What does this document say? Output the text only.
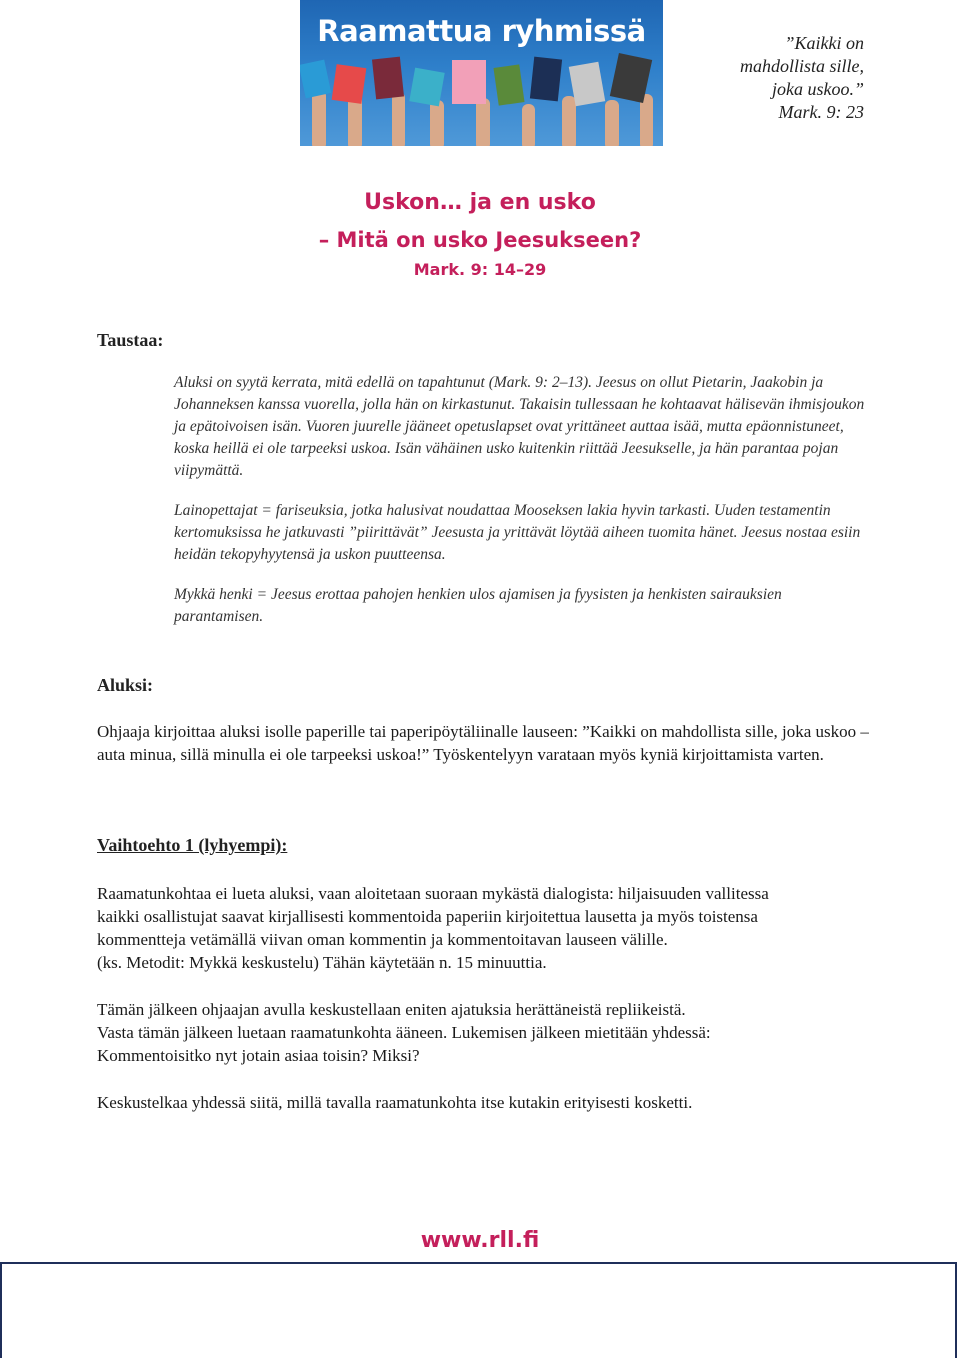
Raamattua ryhmissä	”Kaikki on
mahdollista sille,
joka uskoo.”
Mark. 9: 23
Uskon… ja en usko
– Mitä on usko Jeesukseen?
Mark. 9: 14–29
Taustaa:

Aluksi on syytä kerrata, mitä edellä on tapahtunut (Mark. 9: 2–13). Jeesus on ollut Pietarin, Jaakobin ja Johanneksen kanssa vuorella, jolla hän on kirkastunut. Takaisin tullessaan he kohtaavat hälisevän ihmisjoukon ja epätoivoisen isän. Vuoren juurelle jääneet opetuslapset ovat yrittäneet auttaa isää, mutta epäonnistuneet, koska heillä ei ole tarpeeksi uskoa. Isän vähäinen usko kuitenkin riittää Jeesukselle, ja hän parantaa pojan viipymättä.

Lainopettajat = fariseuksia, jotka halusivat noudattaa Mooseksen lakia hyvin tarkasti. Uuden testamentin kertomuksissa he jatkuvasti ”piirittävät” Jeesusta ja yrittävät löytää aiheen tuomita hänet. Jeesus nostaa esiin heidän tekopyhyytensä ja uskon puutteensa.

Mykkä henki = Jeesus erottaa pahojen henkien ulos ajamisen ja fyysisten ja henkisten sairauksien parantamisen.

Aluksi:

Ohjaaja kirjoittaa aluksi isolle paperille tai paperipöytäliinalle lauseen: ”Kaikki on mahdollista sille, joka uskoo – auta minua, sillä minulla ei ole tarpeeksi uskoa!” Työskentelyyn varataan myös kyniä kirjoittamista varten.

Vaihtoehto 1 (lyhyempi):
Raamatunkohtaa ei lueta aluksi, vaan aloitetaan suoraan mykästä dialogista: hiljaisuuden vallitessa
kaikki osallistujat saavat kirjallisesti kommentoida paperiin kirjoitettua lausetta ja myös toistensa
kommentteja vetämällä viivan oman kommentin ja kommentoitavan lauseen välille.
(ks. Metodit: Mykkä keskustelu) Tähän käytetään n. 15 minuuttia.
Tämän jälkeen ohjaajan avulla keskustellaan eniten ajatuksia herättäneistä repliikeistä.
Vasta tämän jälkeen luetaan raamatunkohta ääneen. Lukemisen jälkeen mietitään yhdessä:
Kommentoisitko nyt jotain asiaa toisin? Miksi?

Keskustelkaa yhdessä siitä, millä tavalla raamatunkohta itse kutakin erityisesti kosketti.

www.rll.fi
